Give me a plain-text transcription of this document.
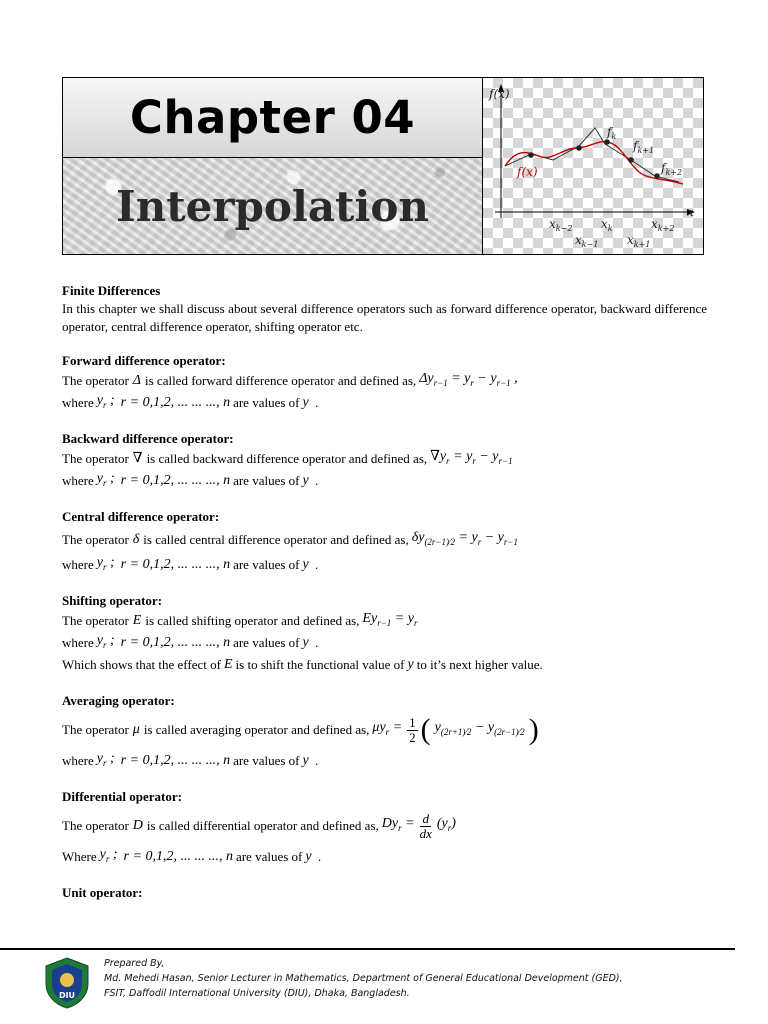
Chapter 04
Interpolation
f(x)
x
f(x)
$f_k$
$f_{k+1}$
$f_{k+2}$
$x_{k-2}$ $x_k$	$x_{k+2}$
$x_{k-1}$ $x_{k+1}$

Finite Differences

In this chapter we shall discuss about several difference operators such as forward difference operator, backward difference operator, central difference operator, shifting operator etc.

Forward difference operator:

The operator Δ is called forward difference operator and defined as, $\Delta y_{r-1} = y_r - y_{r-1}$ ,
where $y_r$ ; r = 0,1,2, ... ... ..., n are values of y .

Backward difference operator:

The operator ∇ is called backward difference operator and defined as, $\nabla y_r = y_r - y_{r-1}$
where $y_r$ ; r = 0,1,2, ... ... ..., n are values of y .

Central difference operator:

The operator δ is called central difference operator and defined as, $\delta y_{(2r-1)⁄2} = y_r - y_{r-1}$
where $y_r$ ; r = 0,1,2, ... ... ..., n are values of y .

Shifting operator:

The operator E is called shifting operator and defined as, $Ey_{r-1} = y_r$
where $y_r$ ; r = 0,1,2, ... ... ..., n are values of y .
Which shows that the effect of E is to shift the functional value of y to it’s next higher value.

Averaging operator:

The operator μ is called averaging operator and defined as, $\mu y_r = \frac{1}{2}$ ( $y_{(2r+1)⁄2} - y_{(2r-1)⁄2}$ )
where $y_r$ ; r = 0,1,2, ... ... ..., n are values of y .

Differential operator:

The operator D is called differential operator and defined as, $Dy_r = \frac{d}{dx} (y_r)$
Where $y_r$ ; r = 0,1,2, ... ... ..., n are values of y .

Unit operator:

DIU
Prepared By,
Md. Mehedi Hasan, Senior Lecturer in Mathematics, Department of General Educational Development (GED),
FSIT, Daffodil International University (DIU), Dhaka, Bangladesh.
